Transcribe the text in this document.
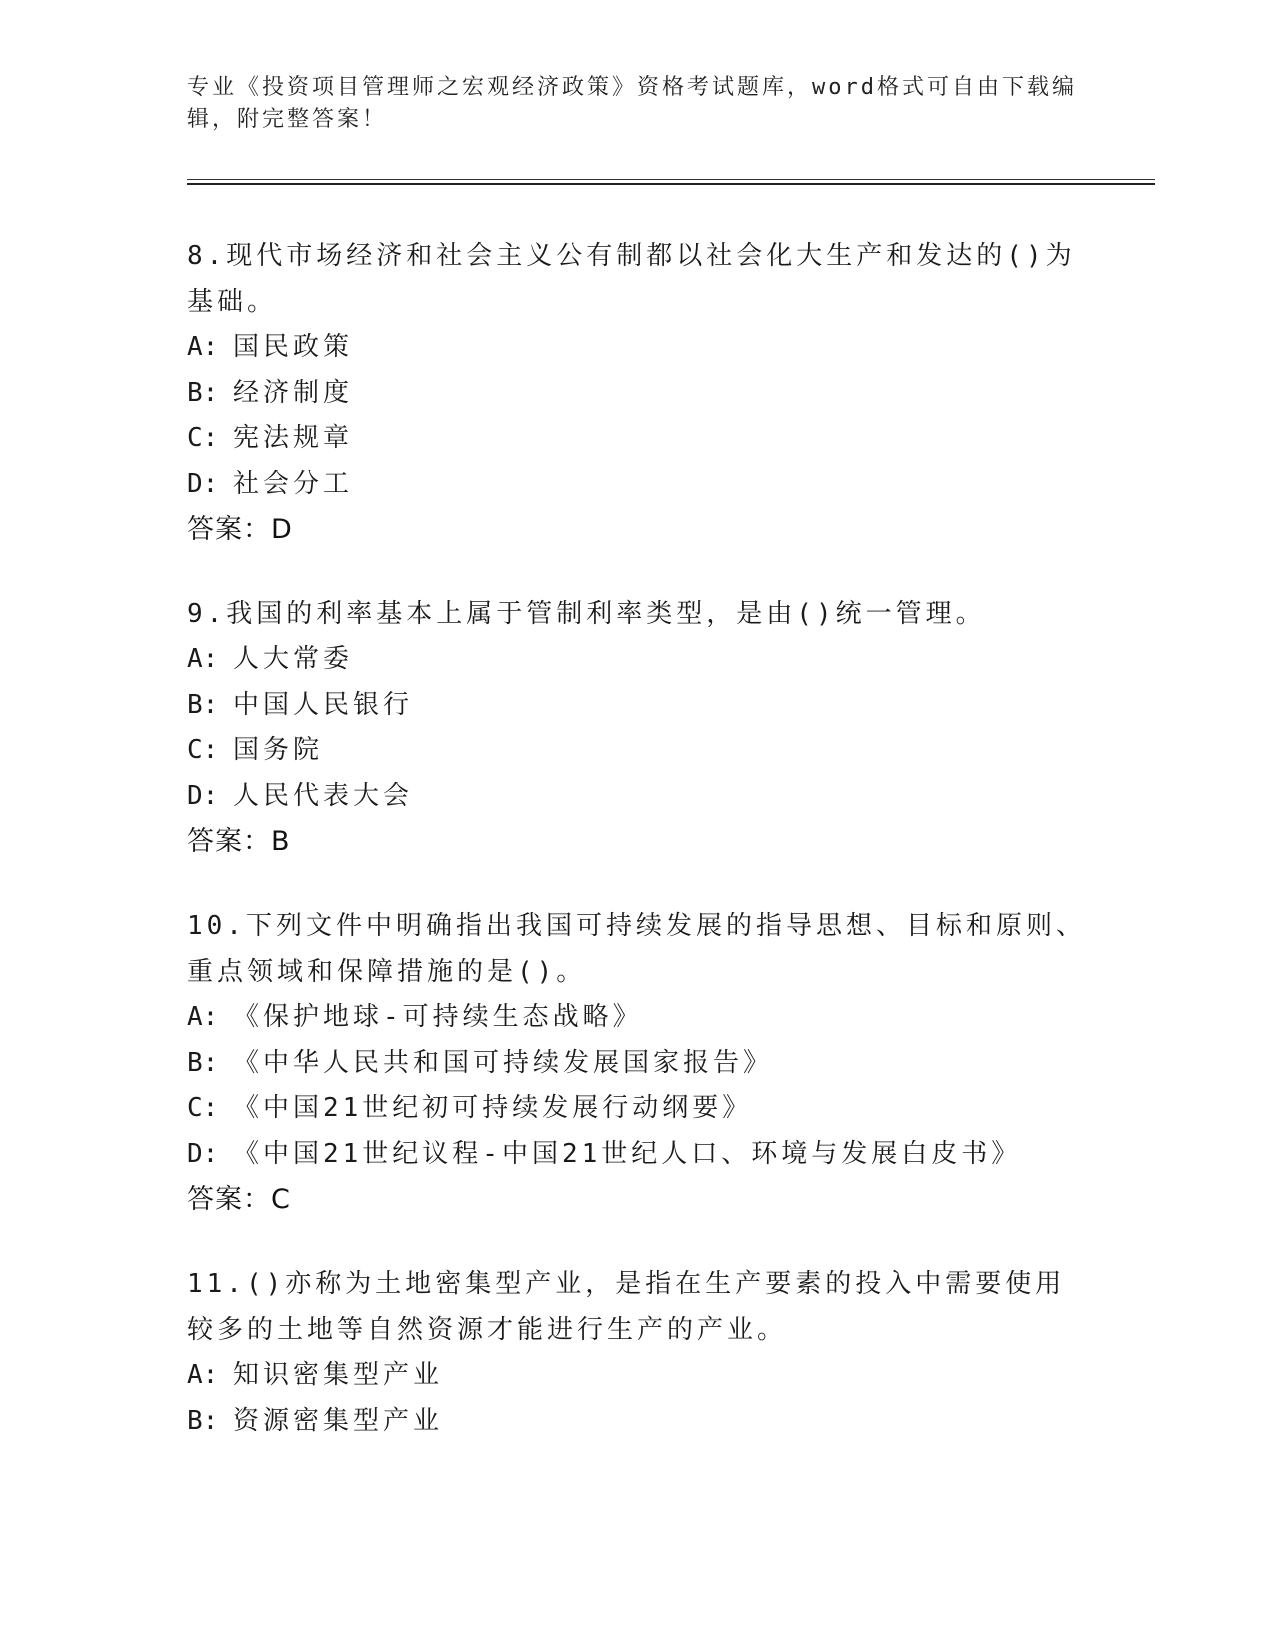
专业《投资项目管理师之宏观经济政策》资格考试题库，word格式可自由下载编辑，附完整答案！
8.现代市场经济和社会主义公有制都以社会化大生产和发达的()为基础。
A: 国民政策
B: 经济制度
C: 宪法规章
D: 社会分工
答案：D
9.我国的利率基本上属于管制利率类型，是由()统一管理。
A: 人大常委
B: 中国人民银行
C: 国务院
D: 人民代表大会
答案：B
10.下列文件中明确指出我国可持续发展的指导思想、目标和原则、重点领域和保障措施的是()。
A: 《保护地球-可持续生态战略》
B: 《中华人民共和国可持续发展国家报告》
C: 《中国21世纪初可持续发展行动纲要》
D: 《中国21世纪议程-中国21世纪人口、环境与发展白皮书》
答案：C
11.()亦称为土地密集型产业，是指在生产要素的投入中需要使用较多的土地等自然资源才能进行生产的产业。
A: 知识密集型产业
B: 资源密集型产业
